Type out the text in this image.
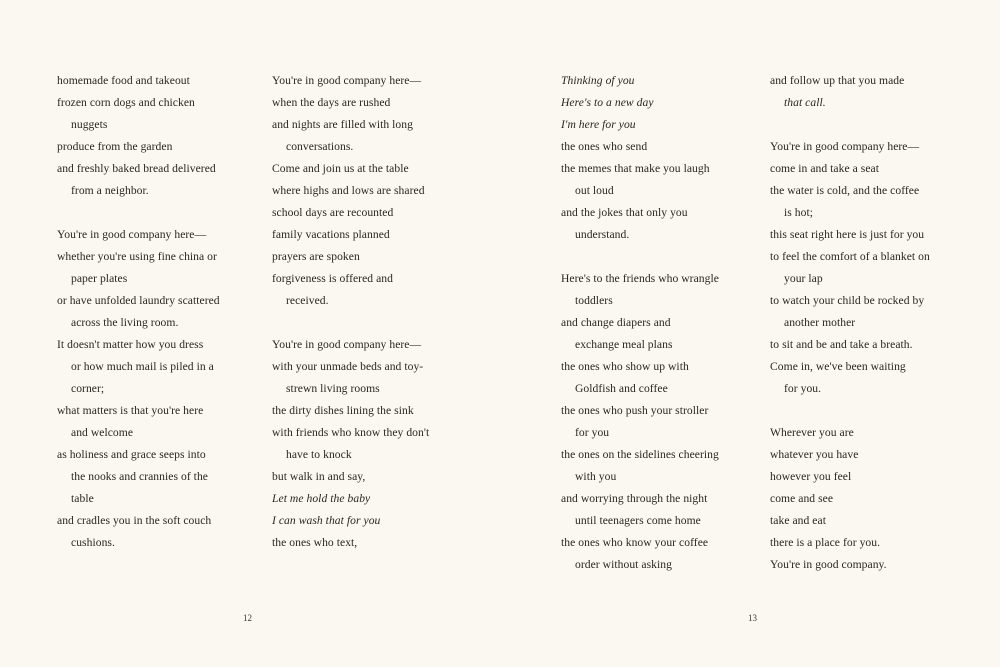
homemade food and takeout
frozen corn dogs and chicken
nuggets
produce from the garden
and freshly baked bread delivered
from a neighbor.
You're in good company here—
whether you're using fine china or
paper plates
or have unfolded laundry scattered
across the living room.
It doesn't matter how you dress
or how much mail is piled in a
corner;
what matters is that you're here
and welcome
as holiness and grace seeps into
the nooks and crannies of the
table
and cradles you in the soft couch
cushions.
You're in good company here—
when the days are rushed
and nights are filled with long
conversations.
Come and join us at the table
where highs and lows are shared
school days are recounted
family vacations planned
prayers are spoken
forgiveness is offered and
received.
You're in good company here—
with your unmade beds and toy-
strewn living rooms
the dirty dishes lining the sink
with friends who know they don't
have to knock
but walk in and say,
Let me hold the baby
I can wash that for you
the ones who text,
12
Thinking of you
Here's to a new day
I'm here for you
the ones who send
the memes that make you laugh
out loud
and the jokes that only you
understand.
Here's to the friends who wrangle
toddlers
and change diapers and
exchange meal plans
the ones who show up with
Goldfish and coffee
the ones who push your stroller
for you
the ones on the sidelines cheering
with you
and worrying through the night
until teenagers come home
the ones who know your coffee
order without asking
and follow up that you made
that call.
You're in good company here—
come in and take a seat
the water is cold, and the coffee
is hot;
this seat right here is just for you
to feel the comfort of a blanket on
your lap
to watch your child be rocked by
another mother
to sit and be and take a breath.
Come in, we've been waiting
for you.
Wherever you are
whatever you have
however you feel
come and see
take and eat
there is a place for you.
You're in good company.
13
